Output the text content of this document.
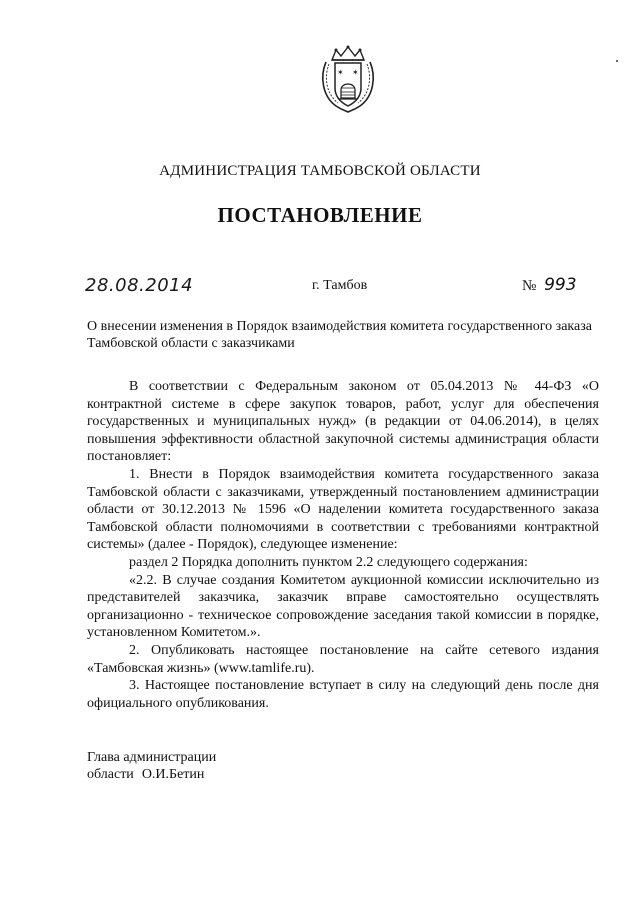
✶ ✶
АДМИНИСТРАЦИЯ ТАМБОВСКОЙ ОБЛАСТИ
ПОСТАНОВЛЕНИЕ
28.08.2014	г. Тамбов	№ 993
О внесении изменения в Порядок взаимодействия комитета государственного заказа Тамбовской области с заказчиками

В соответствии с Федеральным законом от 05.04.2013 № 44-ФЗ «О контрактной системе в сфере закупок товаров, работ, услуг для обеспечения государственных и муниципальных нужд» (в редакции от 04.06.2014), в целях повышения эффективности областной закупочной системы администрация области постановляет:

1. Внести в Порядок взаимодействия комитета государственного заказа Тамбовской области с заказчиками, утвержденный постановлением администрации области от 30.12.2013 № 1596 «О наделении комитета государственного заказа Тамбовской области полномочиями в соответствии с требованиями контрактной системы» (далее - Порядок), следующее изменение:

раздел 2 Порядка дополнить пунктом 2.2 следующего содержания:

«2.2. В случае создания Комитетом аукционной комиссии исключительно из представителей заказчика, заказчик вправе самостоятельно осуществлять организационно - техническое сопровождение заседания такой комиссии в порядке, установленном Комитетом.».

2. Опубликовать настоящее постановление на сайте сетевого издания «Тамбовская жизнь» (www.tamlife.ru).

3. Настоящее постановление вступает в силу на следующий день после дня официального опубликования.

Глава администрации
области О.И.Бетин
